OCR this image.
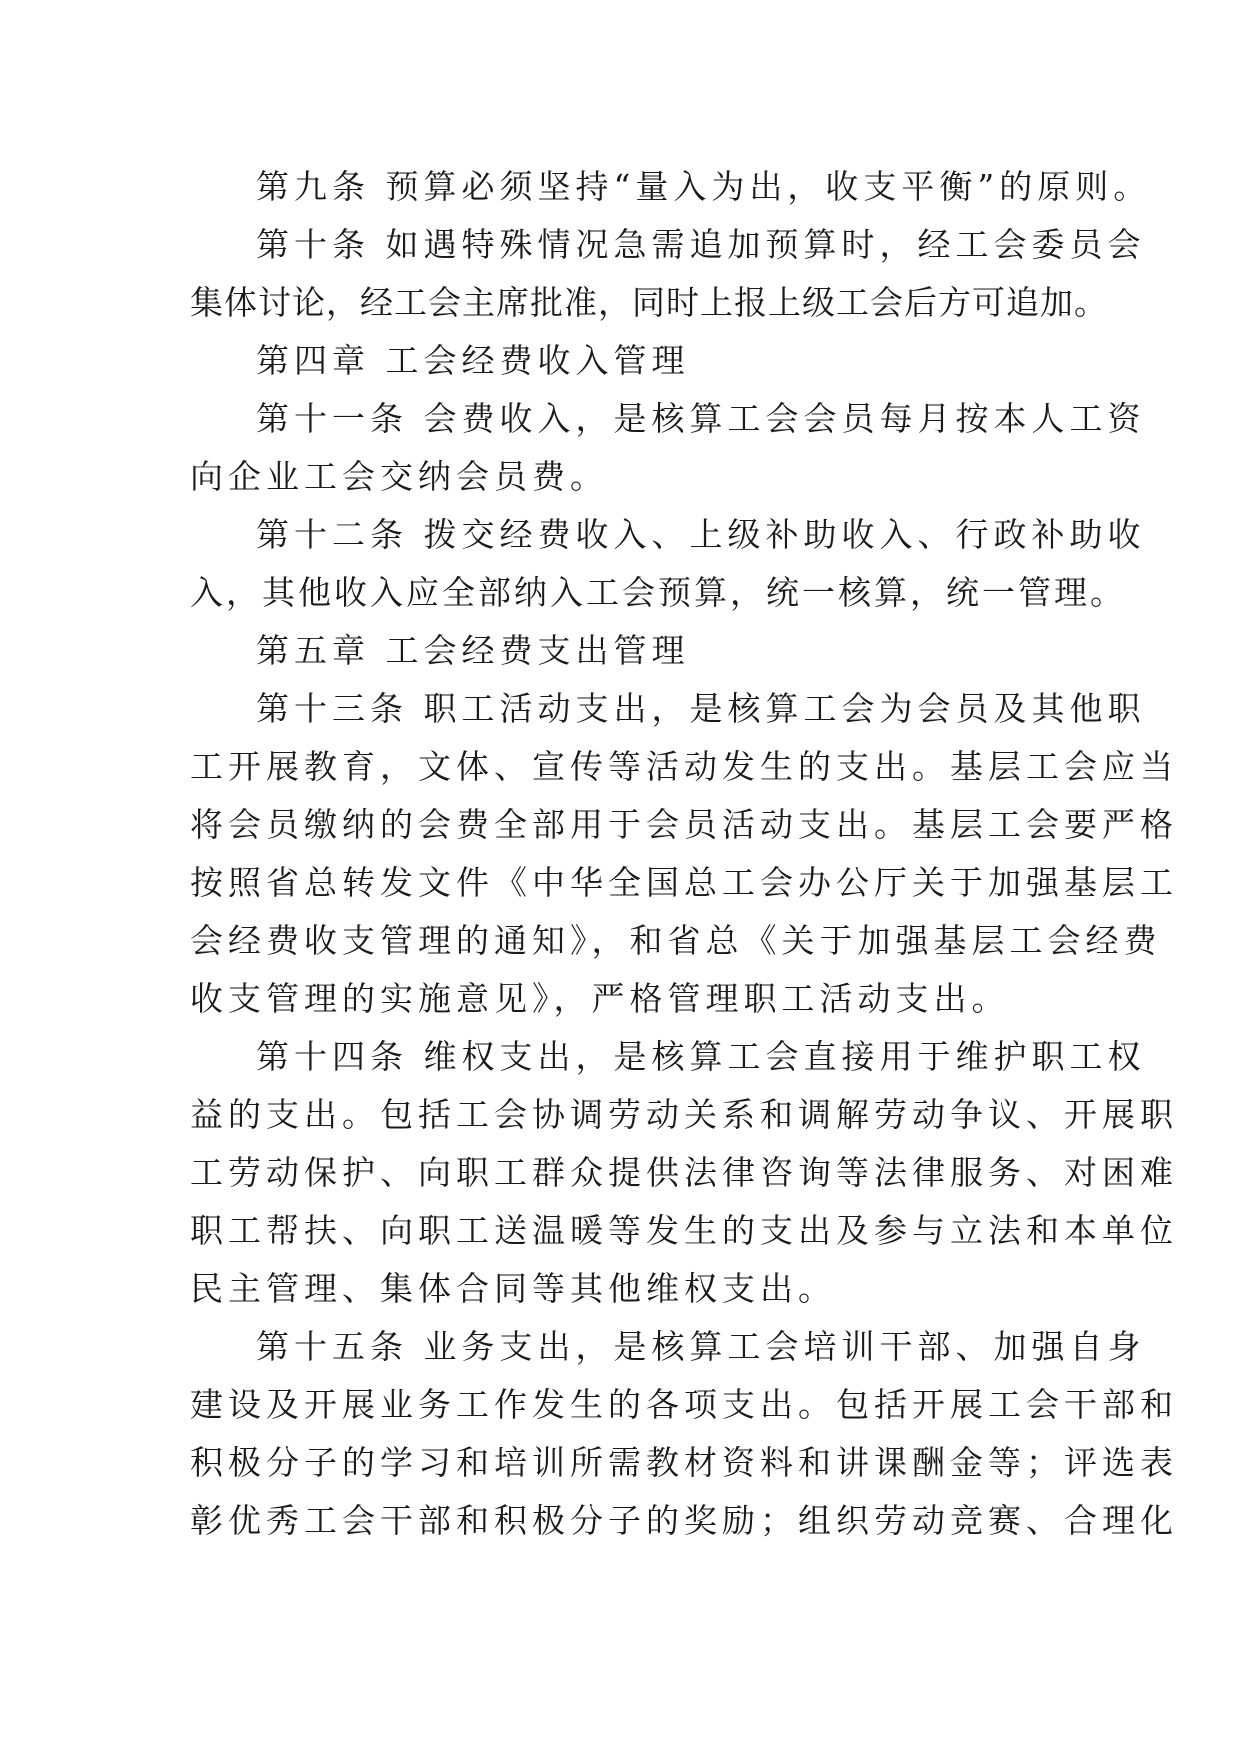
第九条 预算必须坚持“量入为出，收支平衡”的原则。
第十条 如遇特殊情况急需追加预算时，经工会委员会
集体讨论，经工会主席批准，同时上报上级工会后方可追加。
第四章 工会经费收入管理
第十一条 会费收入，是核算工会会员每月按本人工资
向企业工会交纳会员费。
第十二条 拨交经费收入、上级补助收入、行政补助收
入，其他收入应全部纳入工会预算，统一核算，统一管理。
第五章 工会经费支出管理
第十三条 职工活动支出，是核算工会为会员及其他职
工开展教育，文体、宣传等活动发生的支出。基层工会应当
将会员缴纳的会费全部用于会员活动支出。基层工会要严格
按照省总转发文件《中华全国总工会办公厅关于加强基层工
会经费收支管理的通知》，和省总《关于加强基层工会经费
收支管理的实施意见》，严格管理职工活动支出。
第十四条 维权支出，是核算工会直接用于维护职工权
益的支出。包括工会协调劳动关系和调解劳动争议、开展职
工劳动保护、向职工群众提供法律咨询等法律服务、对困难
职工帮扶、向职工送温暖等发生的支出及参与立法和本单位
民主管理、集体合同等其他维权支出。
第十五条 业务支出，是核算工会培训干部、加强自身
建设及开展业务工作发生的各项支出。包括开展工会干部和
积极分子的学习和培训所需教材资料和讲课酬金等；评选表
彰优秀工会干部和积极分子的奖励；组织劳动竞赛、合理化
